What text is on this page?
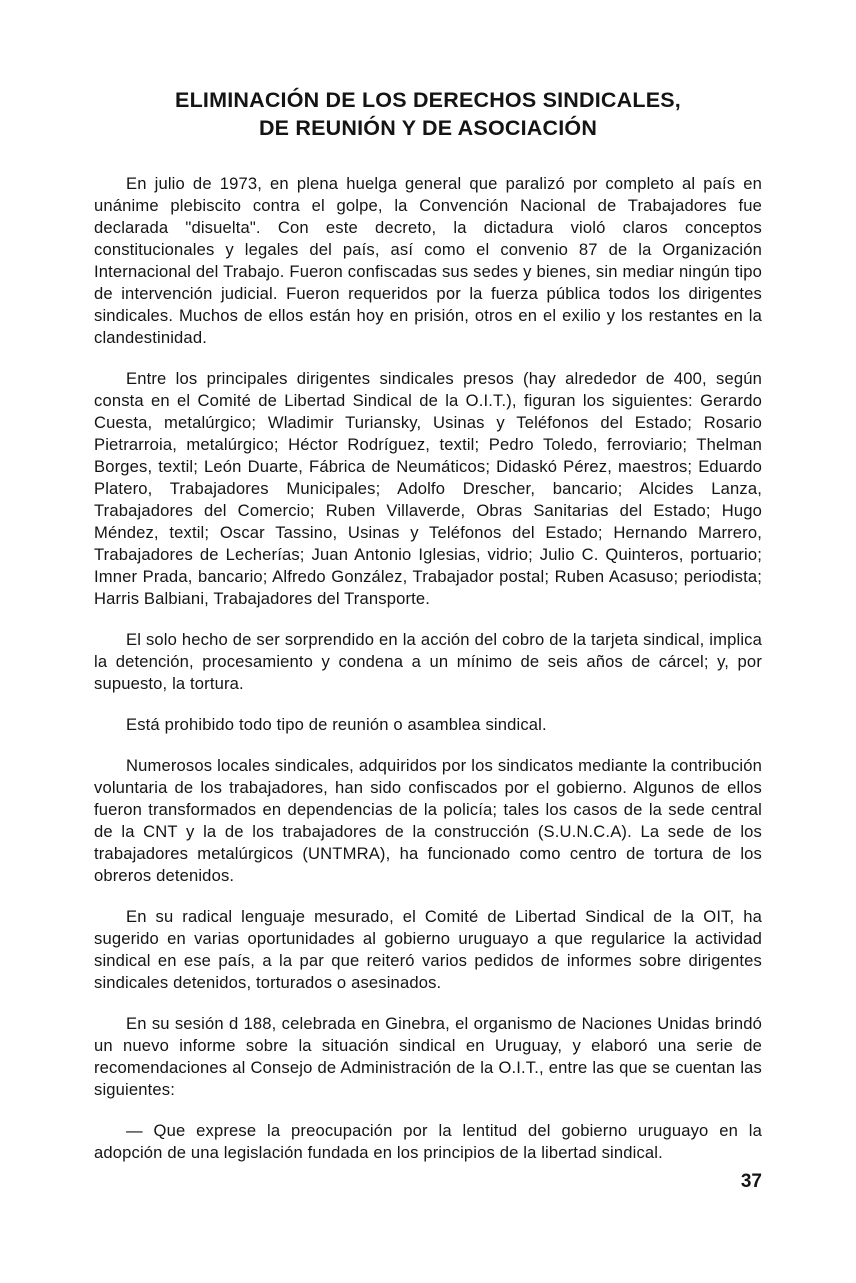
ELIMINACIÓN DE LOS DERECHOS SINDICALES,
DE REUNIÓN Y DE ASOCIACIÓN

En julio de 1973, en plena huelga general que paralizó por completo al país en unánime plebiscito contra el golpe, la Convención Nacional de Trabajadores fue declarada "disuelta". Con este decreto, la dictadura violó claros conceptos constitucionales y legales del país, así como el convenio 87 de la Organización Internacional del Trabajo. Fueron confiscadas sus sedes y bienes, sin mediar ningún tipo de intervención judicial. Fueron requeridos por la fuerza pública todos los dirigentes sindicales. Muchos de ellos están hoy en prisión, otros en el exilio y los restantes en la clandestinidad.

Entre los principales dirigentes sindicales presos (hay alrededor de 400, según consta en el Comité de Libertad Sindical de la O.I.T.), figuran los siguientes: Gerardo Cuesta, metalúrgico; Wladimir Turiansky, Usinas y Teléfonos del Estado; Rosario Pietrarroia, metalúrgico; Héctor Rodríguez, textil; Pedro Toledo, ferroviario; Thelman Borges, textil; León Duarte, Fábrica de Neumáticos; Didaskó Pérez, maestros; Eduardo Platero, Trabajadores Municipales; Adolfo Drescher, bancario; Alcides Lanza, Trabajadores del Comercio; Ruben Villaverde, Obras Sanitarias del Estado; Hugo Méndez, textil; Oscar Tassino, Usinas y Teléfonos del Estado; Hernando Marrero, Trabajadores de Lecherías; Juan Antonio Iglesias, vidrio; Julio C. Quinteros, portuario; Imner Prada, bancario; Alfredo González, Trabajador postal; Ruben Acasuso; periodista; Harris Balbiani, Trabajadores del Transporte.

El solo hecho de ser sorprendido en la acción del cobro de la tarjeta sindical, implica la detención, procesamiento y condena a un mínimo de seis años de cárcel; y, por supuesto, la tortura.

Está prohibido todo tipo de reunión o asamblea sindical.

Numerosos locales sindicales, adquiridos por los sindicatos mediante la contribución voluntaria de los trabajadores, han sido confiscados por el gobierno. Algunos de ellos fueron transformados en dependencias de la policía; tales los casos de la sede central de la CNT y la de los trabajadores de la construcción (S.U.N.C.A). La sede de los trabajadores metalúrgicos (UNTMRA), ha funcionado como centro de tortura de los obreros detenidos.

En su radical lenguaje mesurado, el Comité de Libertad Sindical de la OIT, ha sugerido en varias oportunidades al gobierno uruguayo a que regularice la actividad sindical en ese país, a la par que reiteró varios pedidos de informes sobre dirigentes sindicales detenidos, torturados o asesinados.

En su sesión d 188, celebrada en Ginebra, el organismo de Naciones Unidas brindó un nuevo informe sobre la situación sindical en Uruguay, y elaboró una serie de recomendaciones al Consejo de Administración de la O.I.T., entre las que se cuentan las siguientes:

— Que exprese la preocupación por la lentitud del gobierno uruguayo en la adopción de una legislación fundada en los principios de la libertad sindical.

37
